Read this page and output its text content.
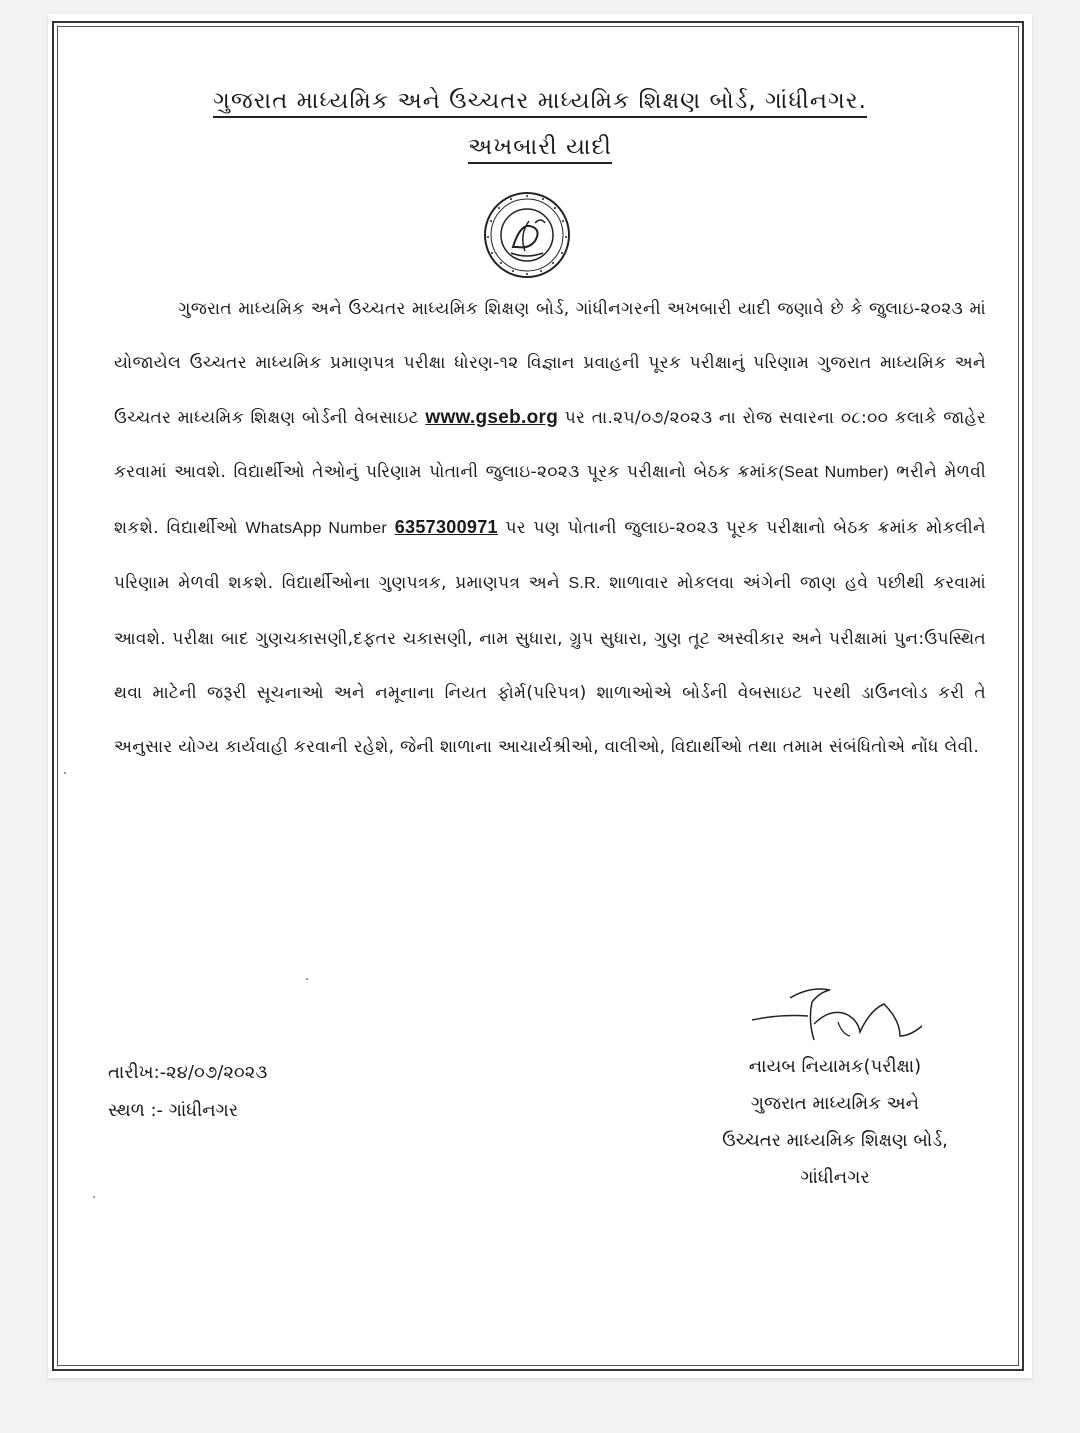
ગુજરાત માધ્યમિક અને ઉચ્ચતર માધ્યમિક શિક્ષણ બોર્ડ, ગાંધીનગર.
અખબારી યાદી
ગુજરાત માધ્યમિક અને ઉચ્ચતર માધ્યમિક શિક્ષણ બોર્ડ, ગાંધીનગરની અખબારી યાદી જણાવે છે કે જુલાઇ-૨૦૨૩ માં યોજાયેલ ઉચ્ચતર માધ્યમિક પ્રમાણપત્ર પરીક્ષા ધોરણ-૧૨ વિજ્ઞાન પ્રવાહની પૂરક પરીક્ષાનું પરિણામ ગુજરાત માધ્યમિક અને ઉચ્ચતર માધ્યમિક શિક્ષણ બોર્ડની વેબસાઇટ www.gseb.org પર તા.૨૫/૦૭/૨૦૨૩ ના રોજ સવારના ૦૮:૦૦ કલાકે જાહેર કરવામાં આવશે. વિદ્યાર્થીઓ તેઓનું પરિણામ પોતાની જુલાઇ-૨૦૨૩ પૂરક પરીક્ષાનો બેઠક ક્રમાંક(Seat Number) ભરીને મેળવી શકશે. વિદ્યાર્થીઓ WhatsApp Number 6357300971 પર પણ પોતાની જુલાઇ-૨૦૨૩ પૂરક પરીક્ષાનો બેઠક ક્રમાંક મોકલીને પરિણામ મેળવી શકશે. વિદ્યાર્થીઓના ગુણપત્રક, પ્રમાણપત્ર અને S.R. શાળાવાર મોકલવા અંગેની જાણ હવે પછીથી કરવામાં આવશે. પરીક્ષા બાદ ગુણચકાસણી,દફતર ચકાસણી, નામ સુધારા, ગ્રુપ સુધારા, ગુણ તૂટ અસ્વીકાર અને પરીક્ષામાં પુન:ઉપસ્થિત થવા માટેની જરૂરી સૂચનાઓ અને નમૂનાના નિયત ફોર્મ(પરિપત્ર) શાળાઓએ બોર્ડની વેબસાઇટ પરથી ડાઉનલોડ કરી તે અનુસાર યોગ્ય કાર્યવાહી કરવાની રહેશે, જેની શાળાના આચાર્યશ્રીઓ, વાલીઓ, વિદ્યાર્થીઓ તથા તમામ સંબંધિતોએ નોંધ લેવી.
તારીખ:-૨૪/૦૭/૨૦૨૩
સ્થળ :- ગાંધીનગર
નાયબ નિયામક(પરીક્ષા)
ગુજરાત માધ્યમિક અને
ઉચ્ચતર માધ્યમિક શિક્ષણ બોર્ડ,
ગાંધીનગર
